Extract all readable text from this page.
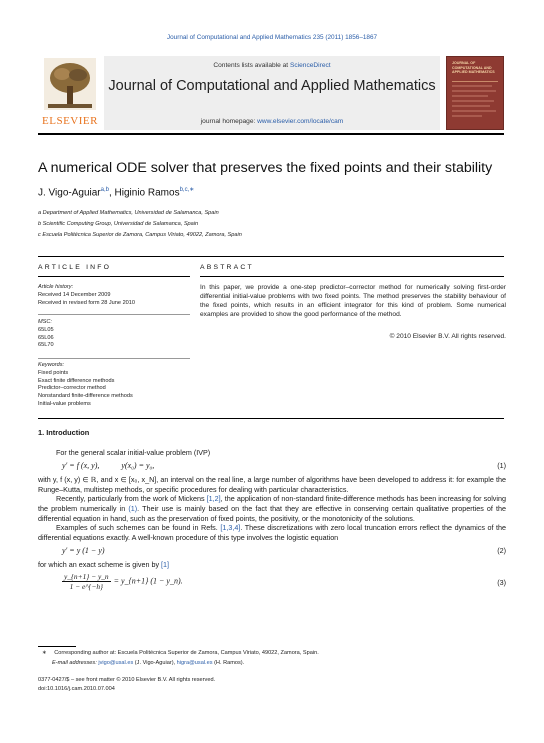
Journal of Computational and Applied Mathematics 235 (2011) 1856–1867
ELSEVIER
Contents lists available at ScienceDirect
Journal of Computational and Applied Mathematics
journal homepage: www.elsevier.com/locate/cam
JOURNAL OF COMPUTATIONAL AND APPLIED MATHEMATICS
A numerical ODE solver that preserves the fixed points and their stability
J. Vigo-Aguiar$^{a,b}$, Higinio Ramos$^{b,c,∗}$
a Department of Applied Mathematics, Universidad de Salamanca, Spain
b Scientific Computing Group, Universidad de Salamanca, Spain
c Escuela Politécnica Superior de Zamora, Campus Viriato, 49022, Zamora, Spain
ARTICLE INFO	ABSTRACT
Article history:
Received 14 December 2009
Received in revised form 28 June 2010
MSC:
65L05
65L06
65L70
Keywords:
Fixed points
Exact finite difference methods
Predictor–corrector method
Nonstandard finite-difference methods
Initial-value problems
In this paper, we provide a one-step predictor–corrector method for numerically solving first-order differential initial-value problems with two fixed points. The method preserves the stability behaviour of the fixed points, which results in an efficient integrator for this kind of problem. Some numerical examples are provided to show the good performance of the method.
© 2010 Elsevier B.V. All rights reserved.
1. Introduction
For the general scalar initial-value problem (IVP)
y′ = f (x, y),	y(x₀) = y₀,	(1)
with y, f (x, y) ∈ ℝ, and x ∈ [x₀, x_N], an interval on the real line, a large number of algorithms have been developed to address it: for example the Runge–Kutta, multistep methods, or specific procedures for dealing with particular characteristics.
Recently, particularly from the work of Mickens [1,2], the application of non-standard finite-difference methods has been increasing for solving the problem numerically in (1). Their use is mainly based on the fact that they are effective in conserving certain qualitative properties of the differential equation in hand, such as the preservation of fixed points, the positivity, or the monotonicity of the solutions.
Examples of such schemes can be found in Refs. [1,3,4]. These discretizations with zero local truncation errors reflect the dynamics of the differential equations exactly. A well-known procedure of this type involves the logistic equation
y′ = y (1 − y)	(2)
for which an exact scheme is given by [1]
$\frac{y\_\{n+1\} - y\_n}{1 - e\^{}\{-h\}}$ = y_{n+1} (1 − y_n).	(3)
∗ Corresponding author at: Escuela Politécnica Superior de Zamora, Campus Viriato, 49022, Zamora, Spain.
E-mail addresses: jvigo@usal.es (J. Vigo-Aguiar), higra@usal.es (H. Ramos).
0377-0427/$ – see front matter © 2010 Elsevier B.V. All rights reserved.
doi:10.1016/j.cam.2010.07.004
